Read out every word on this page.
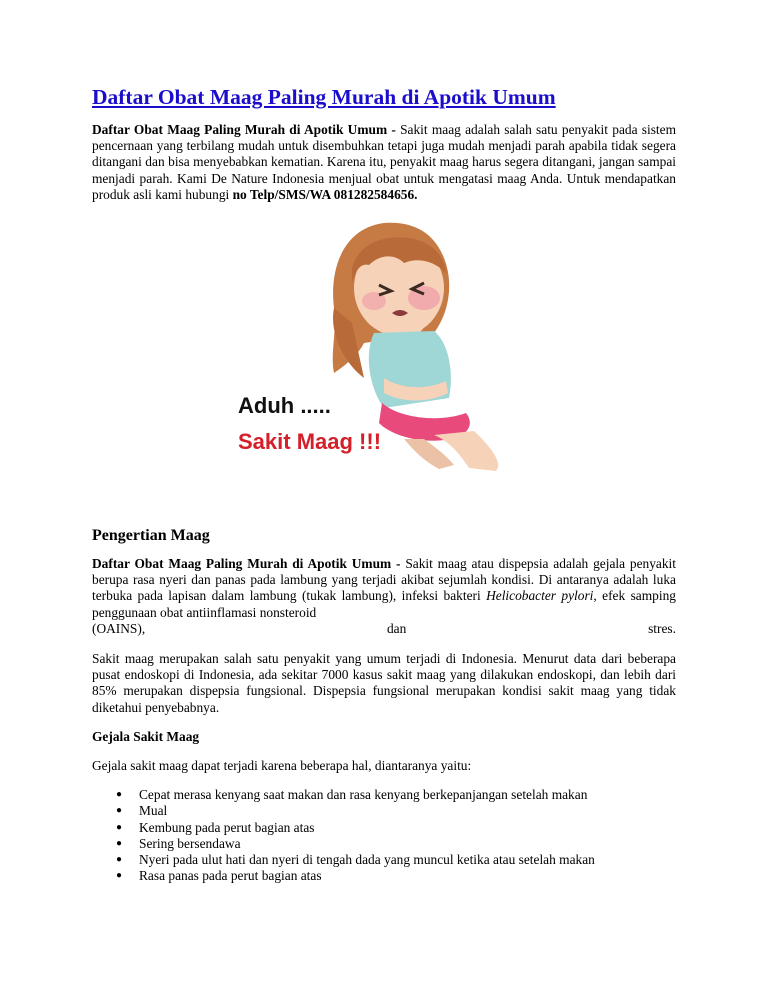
Daftar Obat Maag Paling Murah di Apotik Umum

Daftar Obat Maag Paling Murah di Apotik Umum - Sakit maag adalah salah satu penyakit pada sistem pencernaan yang terbilang mudah untuk disembuhkan tetapi juga mudah menjadi parah apabila tidak segera ditangani dan bisa menyebabkan kematian. Karena itu, penyakit maag harus segera ditangani, jangan sampai menjadi parah. Kami De Nature Indonesia menjual obat untuk mengatasi maag Anda. Untuk mendapatkan produk asli kami hubungi no Telp/SMS/WA 081282584656.

Aduh .....
Sakit Maag !!!
Pengertian Maag

Daftar Obat Maag Paling Murah di Apotik Umum - Sakit maag atau dispepsia adalah gejala penyakit berupa rasa nyeri dan panas pada lambung yang terjadi akibat sejumlah kondisi. Di antaranya adalah luka terbuka pada lapisan dalam lambung (tukak lambung), infeksi bakteri Helicobacter pylori, efek samping penggunaan obat antiinflamasi nonsteroid

(OAINS),	dan	stres.

Sakit maag merupakan salah satu penyakit yang umum terjadi di Indonesia. Menurut data dari beberapa pusat endoskopi di Indonesia, ada sekitar 7000 kasus sakit maag yang dilakukan endoskopi, dan lebih dari 85% merupakan dispepsia fungsional. Dispepsia fungsional merupakan kondisi sakit maag yang tidak diketahui penyebabnya.

Gejala Sakit Maag

Gejala sakit maag dapat terjadi karena beberapa hal, diantaranya yaitu:

● Cepat merasa kenyang saat makan dan rasa kenyang berkepanjangan setelah makan
● Mual
● Kembung pada perut bagian atas
● Sering bersendawa
● Nyeri pada ulut hati dan nyeri di tengah dada yang muncul ketika atau setelah makan
● Rasa panas pada perut bagian atas
